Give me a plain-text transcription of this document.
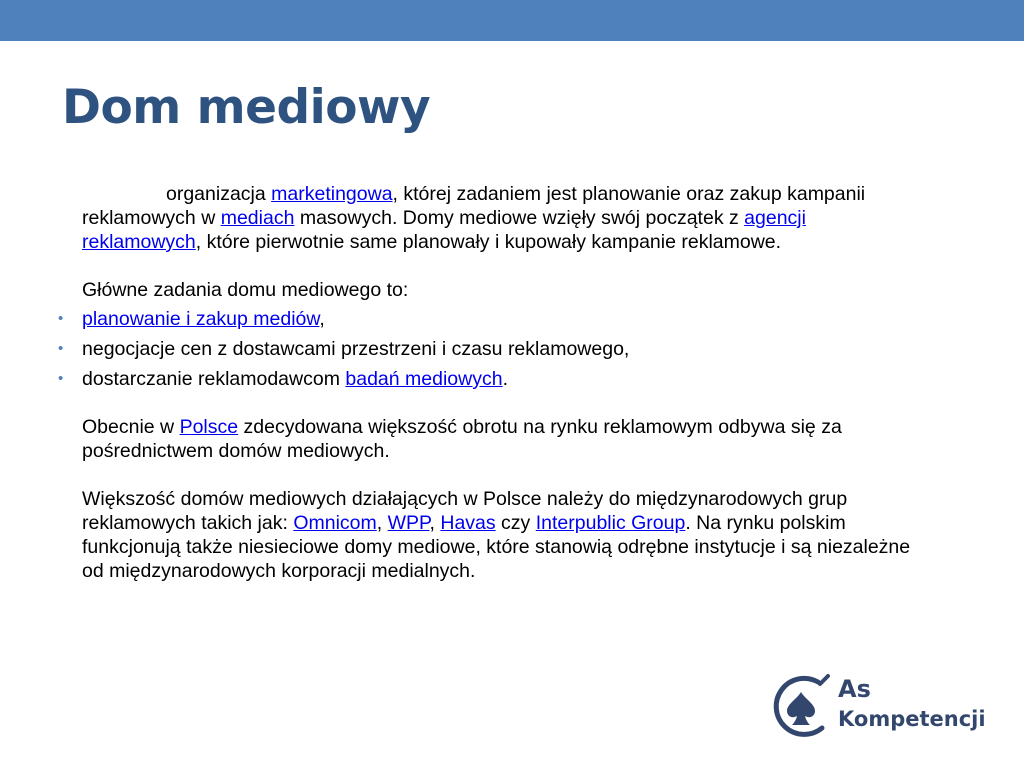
Dom mediowy

organizacja marketingowa, której zadaniem jest planowanie oraz zakup kampanii reklamowych w mediach masowych. Domy mediowe wzięły swój początek z agencji reklamowych, które pierwotnie same planowały i kupowały kampanie reklamowe.

Główne zadania domu mediowego to:

• planowanie i zakup mediów,
• negocjacje cen z dostawcami przestrzeni i czasu reklamowego,
• dostarczanie reklamodawcom badań mediowych.

Obecnie w Polsce zdecydowana większość obrotu na rynku reklamowym odbywa się za pośrednictwem domów mediowych.

Większość domów mediowych działających w Polsce należy do międzynarodowych grup reklamowych takich jak: Omnicom, WPP, Havas czy Interpublic Group. Na rynku polskim funkcjonują także niesieciowe domy mediowe, które stanowią odrębne instytucje i są niezależne od międzynarodowych korporacji medialnych.

As
Kompetencji
